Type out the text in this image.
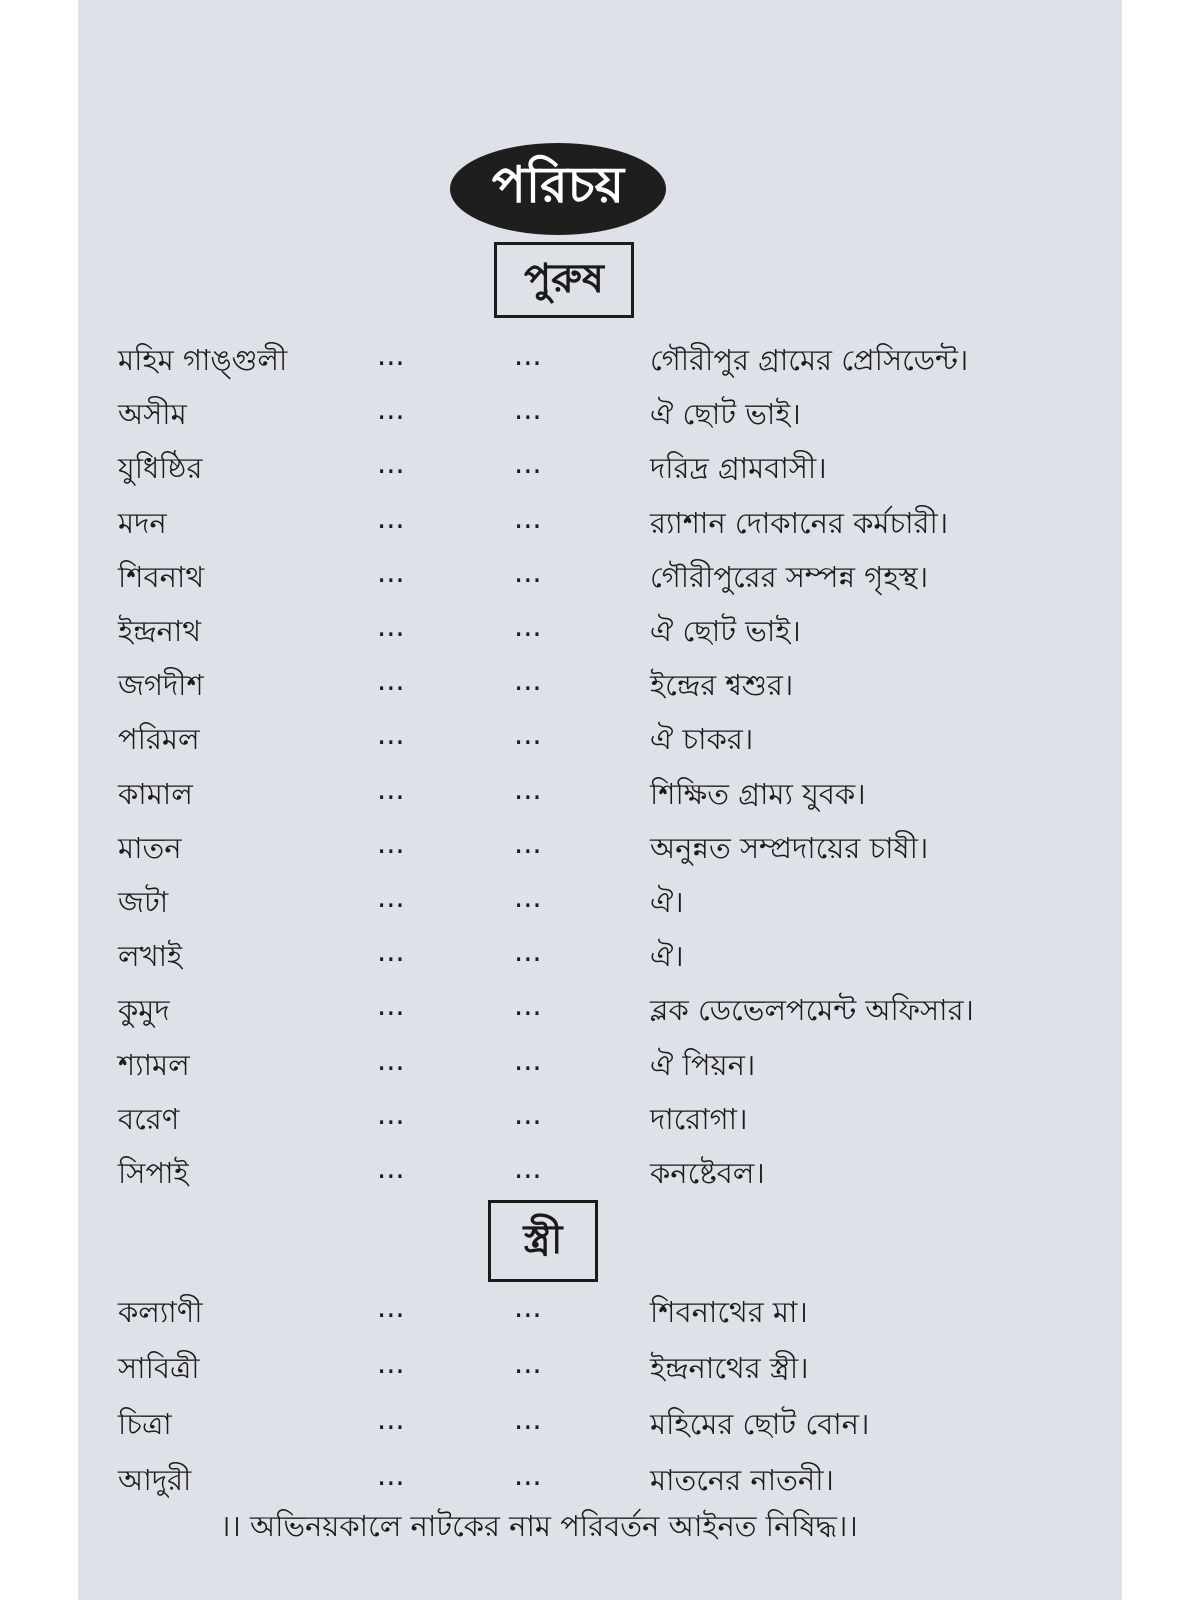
পরিচয়
পুরুষ
মহিম গাঙ্গুলী	...	...	গৌরীপুর গ্রামের প্রেসিডেন্ট।
অসীম	...	...	ঐ ছোট ভাই।
যুধিষ্ঠির	...	...	দরিদ্র গ্রামবাসী।
মদন	...	...	র‍্যাশান দোকানের কর্মচারী।
শিবনাথ	...	...	গৌরীপুরের সম্পন্ন গৃহস্থ।
ইন্দ্রনাথ	...	...	ঐ ছোট ভাই।
জগদীশ	...	...	ইন্দ্রের শ্বশুর।
পরিমল	...	...	ঐ চাকর।
কামাল	...	...	শিক্ষিত গ্রাম্য যুবক।
মাতন	...	...	অনুন্নত সম্প্রদায়ের চাষী।
জটা	...	...	ঐ।
লখাই	...	...	ঐ।
কুমুদ	...	...	ব্লক ডেভেলপমেন্ট অফিসার।
শ্যামল	...	...	ঐ পিয়ন।
বরেণ	...	...	দারোগা।
সিপাই	...	...	কনষ্টেবল।
স্ত্রী
কল্যাণী	...	...	শিবনাথের মা।
সাবিত্রী	...	...	ইন্দ্রনাথের স্ত্রী।
চিত্রা	...	...	মহিমের ছোট বোন।
আদুরী	...	...	মাতনের নাতনী।
।। অভিনয়কালে নাটকের নাম পরিবর্তন আইনত নিষিদ্ধ।।
